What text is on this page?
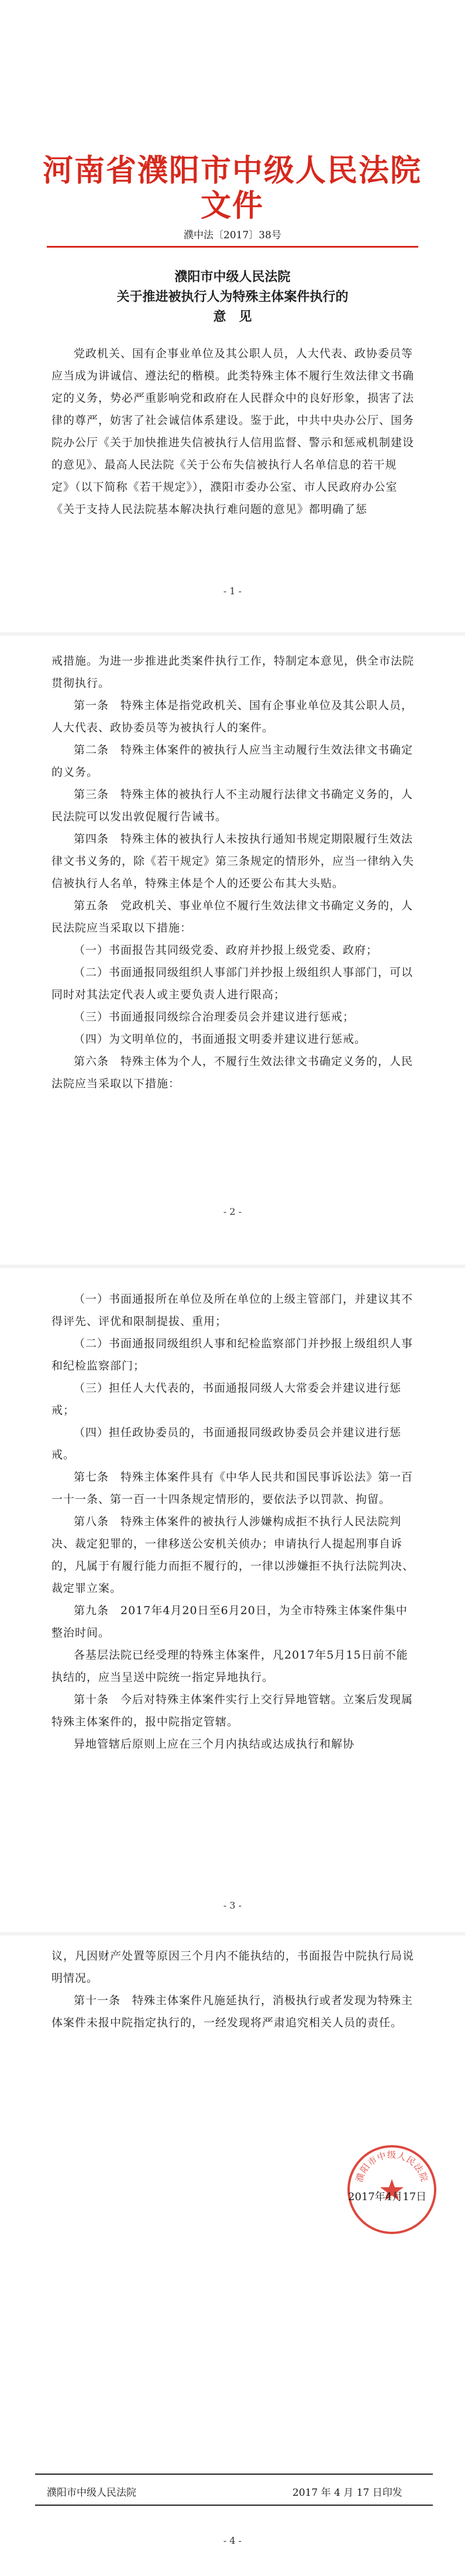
河南省濮阳市中级人民法院文件
濮中法〔2017〕38号
濮阳市中级人民法院
关于推进被执行人为特殊主体案件执行的
意　见

党政机关、国有企事业单位及其公职人员，人大代表、政协委员等应当成为讲诚信、遵法纪的楷模。此类特殊主体不履行生效法律文书确定的义务，势必严重影响党和政府在人民群众中的良好形象，损害了法律的尊严，妨害了社会诚信体系建设。鉴于此，中共中央办公厅、国务院办公厅《关于加快推进失信被执行人信用监督、警示和惩戒机制建设的意见》、最高人民法院《关于公布失信被执行人名单信息的若干规定》（以下简称《若干规定》），濮阳市委办公室、市人民政府办公室《关于支持人民法院基本解决执行难问题的意见》都明确了惩

- 1 -

戒措施。为进一步推进此类案件执行工作，特制定本意见，供全市法院贯彻执行。

第一条　特殊主体是指党政机关、国有企事业单位及其公职人员，人大代表、政协委员等为被执行人的案件。

第二条　特殊主体案件的被执行人应当主动履行生效法律文书确定的义务。

第三条　特殊主体的被执行人不主动履行法律文书确定义务的，人民法院可以发出敦促履行告诫书。

第四条　特殊主体的被执行人未按执行通知书规定期限履行生效法律文书义务的，除《若干规定》第三条规定的情形外，应当一律纳入失信被执行人名单，特殊主体是个人的还要公布其大头贴。

第五条　党政机关、事业单位不履行生效法律文书确定义务的，人民法院应当采取以下措施：

（一）书面报告其同级党委、政府并抄报上级党委、政府；

（二）书面通报同级组织人事部门并抄报上级组织人事部门，可以同时对其法定代表人或主要负责人进行限高；

（三）书面通报同级综合治理委员会并建议进行惩戒；

（四）为文明单位的，书面通报文明委并建议进行惩戒。

第六条　特殊主体为个人，不履行生效法律文书确定义务的，人民法院应当采取以下措施：

- 2 -

（一）书面通报所在单位及所在单位的上级主管部门，并建议其不得评先、评优和限制提拔、重用；

（二）书面通报同级组织人事和纪检监察部门并抄报上级组织人事和纪检监察部门；

（三）担任人大代表的，书面通报同级人大常委会并建议进行惩戒；

（四）担任政协委员的，书面通报同级政协委员会并建议进行惩戒。

第七条　特殊主体案件具有《中华人民共和国民事诉讼法》第一百一十一条、第一百一十四条规定情形的，要依法予以罚款、拘留。

第八条　特殊主体案件的被执行人涉嫌构成拒不执行人民法院判决、裁定犯罪的，一律移送公安机关侦办；申请执行人提起刑事自诉的，凡属于有履行能力而拒不履行的，一律以涉嫌拒不执行法院判决、裁定罪立案。

第九条　2017年4月20日至6月20日，为全市特殊主体案件集中整治时间。

各基层法院已经受理的特殊主体案件，凡2017年5月15日前不能执结的，应当呈送中院统一指定异地执行。

第十条　今后对特殊主体案件实行上交行异地管辖。立案后发现属特殊主体案件的，报中院指定管辖。

异地管辖后原则上应在三个月内执结或达成执行和解协

- 3 -

议，凡因财产处置等原因三个月内不能执结的，书面报告中院执行局说明情况。

第十一条　特殊主体案件凡施延执行，消极执行或者发现为特殊主体案件未报中院指定执行的，一经发现将严肃追究相关人员的责任。

濮阳市中级人民法院
2017年4月17日
濮阳市中级人民法院	2017 年 4 月 17 日印发
- 4 -
